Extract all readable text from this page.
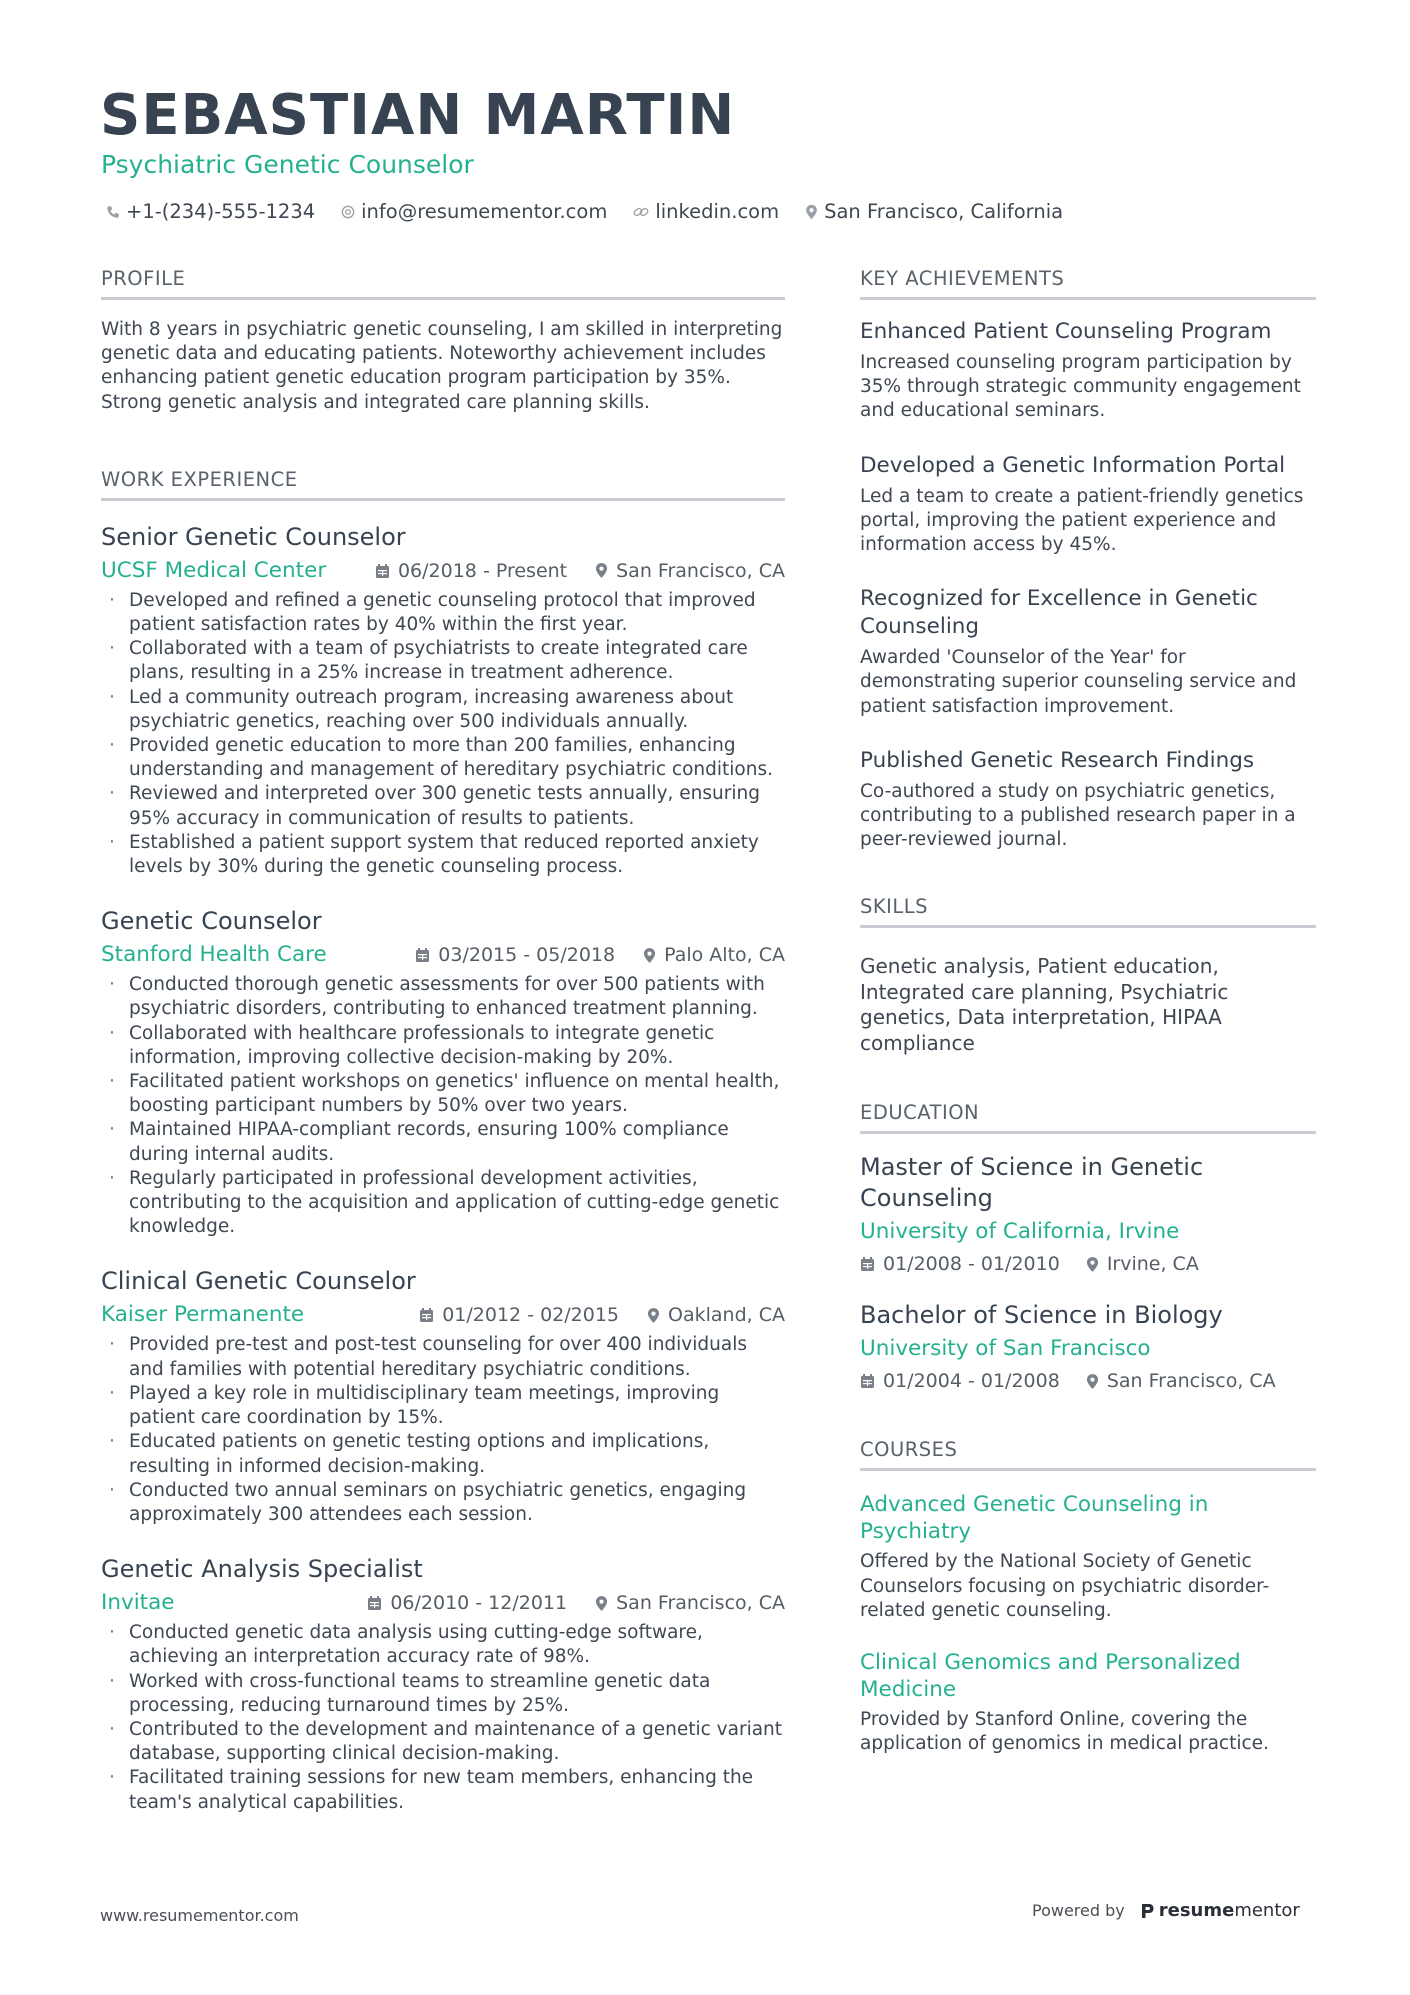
SEBASTIAN MARTIN
Psychiatric Genetic Counselor
+1-(234)-555-1234 info@resumementor.com linkedin.com San Francisco, California
PROFILE

With 8 years in psychiatric genetic counseling, I am skilled in interpreting genetic data and educating patients. Noteworthy achievement includes enhancing patient genetic education program participation by 35%. Strong genetic analysis and integrated care planning skills.

WORK EXPERIENCE
Senior Genetic Counselor
UCSF Medical Center	06/2018 - Present	San Francisco, CA
· Developed and refined a genetic counseling protocol that improved patient satisfaction rates by 40% within the first year.
· Collaborated with a team of psychiatrists to create integrated care plans, resulting in a 25% increase in treatment adherence.
· Led a community outreach program, increasing awareness about psychiatric genetics, reaching over 500 individuals annually.
· Provided genetic education to more than 200 families, enhancing understanding and management of hereditary psychiatric conditions.
· Reviewed and interpreted over 300 genetic tests annually, ensuring 95% accuracy in communication of results to patients.
· Established a patient support system that reduced reported anxiety levels by 30% during the genetic counseling process.
Genetic Counselor
Stanford Health Care	03/2015 - 05/2018	Palo Alto, CA
· Conducted thorough genetic assessments for over 500 patients with psychiatric disorders, contributing to enhanced treatment planning.
· Collaborated with healthcare professionals to integrate genetic information, improving collective decision-making by 20%.
· Facilitated patient workshops on genetics' influence on mental health, boosting participant numbers by 50% over two years.
· Maintained HIPAA-compliant records, ensuring 100% compliance during internal audits.
· Regularly participated in professional development activities, contributing to the acquisition and application of cutting-edge genetic knowledge.
Clinical Genetic Counselor
Kaiser Permanente	01/2012 - 02/2015	Oakland, CA
· Provided pre-test and post-test counseling for over 400 individuals and families with potential hereditary psychiatric conditions.
· Played a key role in multidisciplinary team meetings, improving patient care coordination by 15%.
· Educated patients on genetic testing options and implications, resulting in informed decision-making.
· Conducted two annual seminars on psychiatric genetics, engaging approximately 300 attendees each session.
Genetic Analysis Specialist
Invitae	06/2010 - 12/2011	San Francisco, CA
· Conducted genetic data analysis using cutting-edge software, achieving an interpretation accuracy rate of 98%.
· Worked with cross-functional teams to streamline genetic data processing, reducing turnaround times by 25%.
· Contributed to the development and maintenance of a genetic variant database, supporting clinical decision-making.
· Facilitated training sessions for new team members, enhancing the team's analytical capabilities.
KEY ACHIEVEMENTS
Enhanced Patient Counseling Program

Increased counseling program participation by 35% through strategic community engagement and educational seminars.

Developed a Genetic Information Portal

Led a team to create a patient-friendly genetics portal, improving the patient experience and information access by 45%.

Recognized for Excellence in Genetic Counseling

Awarded 'Counselor of the Year' for demonstrating superior counseling service and patient satisfaction improvement.

Published Genetic Research Findings

Co-authored a study on psychiatric genetics, contributing to a published research paper in a peer-reviewed journal.

SKILLS
Genetic analysis, Patient education, Integrated care planning, Psychiatric genetics, Data interpretation, HIPAA compliance
EDUCATION
Master of Science in Genetic Counseling
University of California, Irvine
01/2008 - 01/2010 Irvine, CA
Bachelor of Science in Biology
University of San Francisco
01/2004 - 01/2008 San Francisco, CA
COURSES
Advanced Genetic Counseling in Psychiatry

Offered by the National Society of Genetic Counselors focusing on psychiatric disorder-related genetic counseling.

Clinical Genomics and Personalized Medicine

Provided by Stanford Online, covering the application of genomics in medical practice.

www.resumementor.com	Powered by resume mentor
